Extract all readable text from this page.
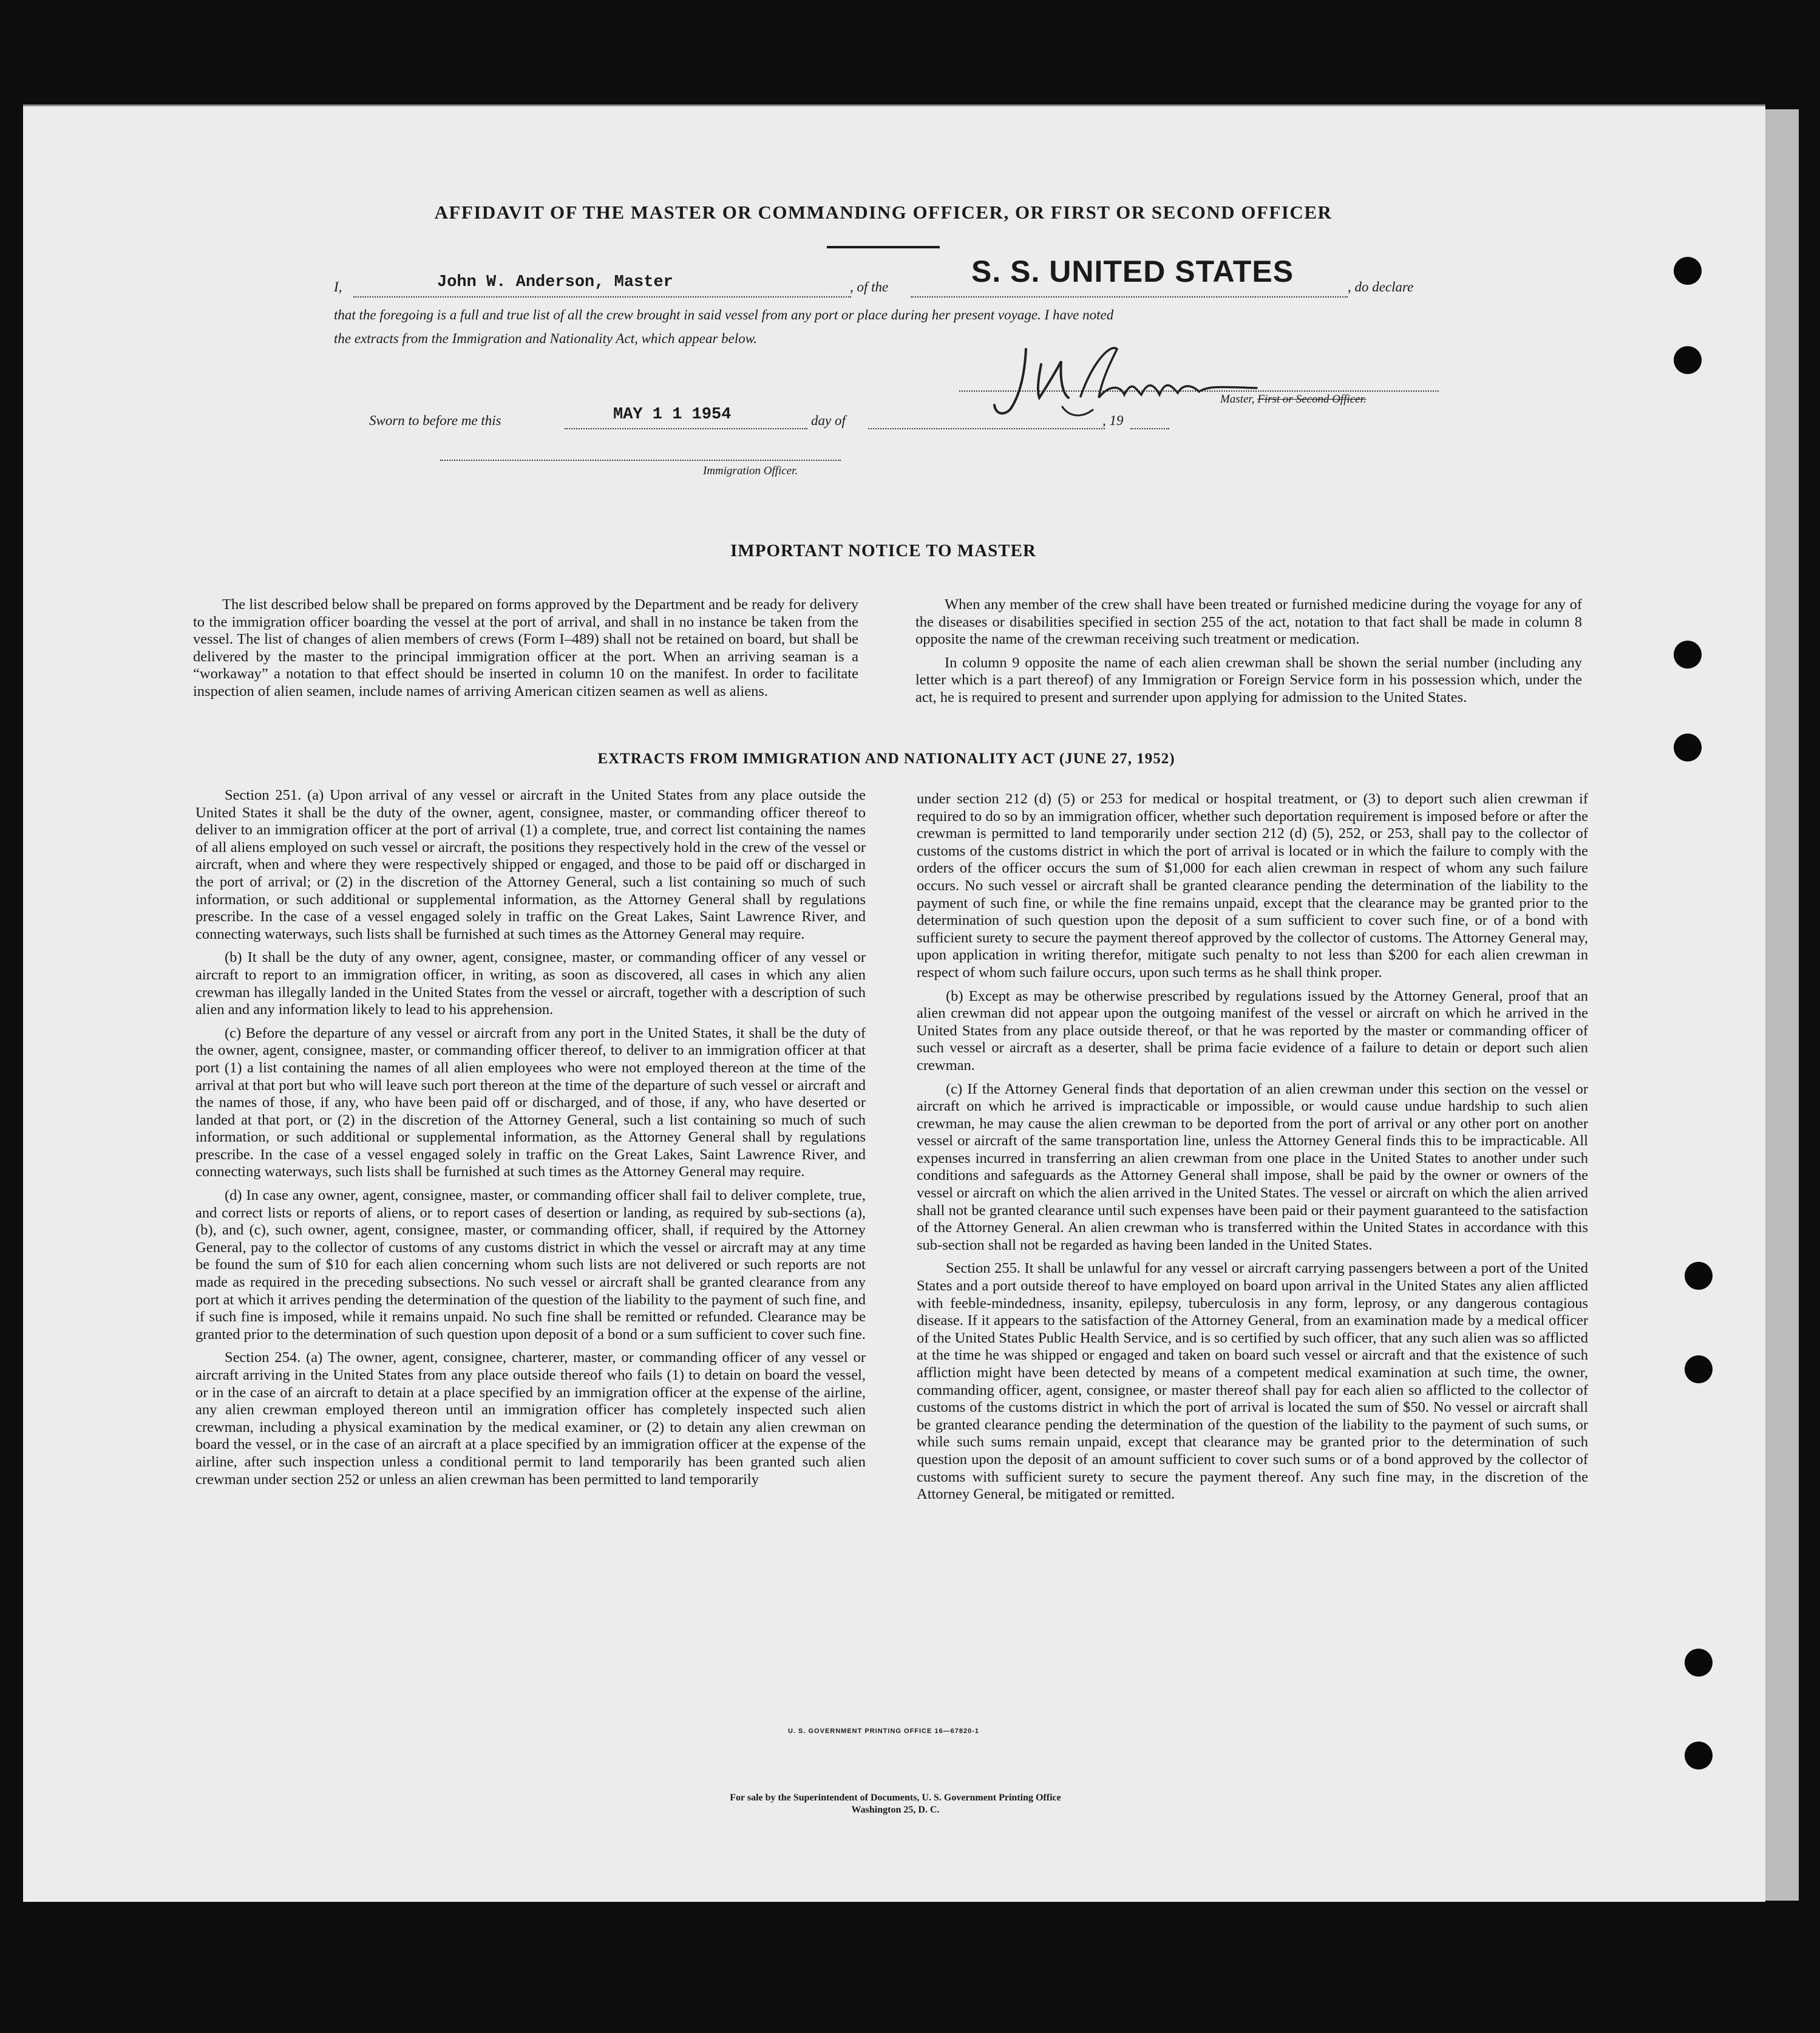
AFFIDAVIT OF THE MASTER OR COMMANDING OFFICER, OR FIRST OR SECOND OFFICER
I,	John W. Anderson, Master	, of the	S. S. UNITED STATES	, do declare
that the foregoing is a full and true list of all the crew brought in said vessel from any port or place during her present voyage. I have noted
the extracts from the Immigration and Nationality Act, which appear below.
Master, First or Second Officer.
Sworn to before me this	MAY 1 1 1954	day of	, 19
Immigration Officer.
IMPORTANT NOTICE TO MASTER

The list described below shall be prepared on forms approved by the Department and be ready for delivery to the immigration officer boarding the vessel at the port of arrival, and shall in no instance be taken from the vessel. The list of changes of alien members of crews (Form I–489) shall not be retained on board, but shall be delivered by the master to the principal immigration officer at the port. When an arriving seaman is a “workaway” a notation to that effect should be inserted in column 10 on the manifest. In order to facilitate inspection of alien seamen, include names of arriving American citizen seamen as well as aliens.

When any member of the crew shall have been treated or furnished medicine during the voyage for any of the diseases or disabilities specified in section 255 of the act, notation to that fact shall be made in column 8 opposite the name of the crewman receiving such treatment or medication.

In column 9 opposite the name of each alien crewman shall be shown the serial number (including any letter which is a part thereof) of any Immigration or Foreign Service form in his possession which, under the act, he is required to present and surrender upon applying for admission to the United States.

EXTRACTS FROM IMMIGRATION AND NATIONALITY ACT (JUNE 27, 1952)

Section 251. (a) Upon arrival of any vessel or aircraft in the United States from any place outside the United States it shall be the duty of the owner, agent, consignee, master, or commanding officer thereof to deliver to an immigration officer at the port of arrival (1) a complete, true, and correct list containing the names of all aliens employed on such vessel or aircraft, the positions they respectively hold in the crew of the vessel or aircraft, when and where they were respectively shipped or engaged, and those to be paid off or discharged in the port of arrival; or (2) in the discretion of the Attorney General, such a list containing so much of such information, or such additional or supplemental information, as the Attorney General shall by regulations prescribe. In the case of a vessel engaged solely in traffic on the Great Lakes, Saint Lawrence River, and connecting waterways, such lists shall be furnished at such times as the Attorney General may require.

(b) It shall be the duty of any owner, agent, consignee, master, or commanding officer of any vessel or aircraft to report to an immigration officer, in writing, as soon as discovered, all cases in which any alien crewman has illegally landed in the United States from the vessel or aircraft, together with a description of such alien and any information likely to lead to his apprehension.

(c) Before the departure of any vessel or aircraft from any port in the United States, it shall be the duty of the owner, agent, consignee, master, or commanding officer thereof, to deliver to an immigration officer at that port (1) a list containing the names of all alien employees who were not employed thereon at the time of the arrival at that port but who will leave such port thereon at the time of the departure of such vessel or aircraft and the names of those, if any, who have been paid off or discharged, and of those, if any, who have deserted or landed at that port, or (2) in the discretion of the Attorney General, such a list containing so much of such information, or such additional or supplemental information, as the Attorney General shall by regulations prescribe. In the case of a vessel engaged solely in traffic on the Great Lakes, Saint Lawrence River, and connecting waterways, such lists shall be furnished at such times as the Attorney General may require.

(d) In case any owner, agent, consignee, master, or commanding officer shall fail to deliver complete, true, and correct lists or reports of aliens, or to report cases of desertion or landing, as required by sub-sections (a), (b), and (c), such owner, agent, consignee, master, or commanding officer, shall, if required by the Attorney General, pay to the collector of customs of any customs district in which the vessel or aircraft may at any time be found the sum of $10 for each alien concerning whom such lists are not delivered or such reports are not made as required in the preceding subsections. No such vessel or aircraft shall be granted clearance from any port at which it arrives pending the determination of the question of the liability to the payment of such fine, and if such fine is imposed, while it remains unpaid. No such fine shall be remitted or refunded. Clearance may be granted prior to the determination of such question upon deposit of a bond or a sum sufficient to cover such fine.

Section 254. (a) The owner, agent, consignee, charterer, master, or commanding officer of any vessel or aircraft arriving in the United States from any place outside thereof who fails (1) to detain on board the vessel, or in the case of an aircraft to detain at a place specified by an immigration officer at the expense of the airline, any alien crewman employed thereon until an immigration officer has completely inspected such alien crewman, including a physical examination by the medical examiner, or (2) to detain any alien crewman on board the vessel, or in the case of an aircraft at a place specified by an immigration officer at the expense of the airline, after such inspection unless a conditional permit to land temporarily has been granted such alien crewman under section 252 or unless an alien crewman has been permitted to land temporarily

under section 212 (d) (5) or 253 for medical or hospital treatment, or (3) to deport such alien crewman if required to do so by an immigration officer, whether such deportation requirement is imposed before or after the crewman is permitted to land temporarily under section 212 (d) (5), 252, or 253, shall pay to the collector of customs of the customs district in which the port of arrival is located or in which the failure to comply with the orders of the officer occurs the sum of $1,000 for each alien crewman in respect of whom any such failure occurs. No such vessel or aircraft shall be granted clearance pending the determination of the liability to the payment of such fine, or while the fine remains unpaid, except that the clearance may be granted prior to the determination of such question upon the deposit of a sum sufficient to cover such fine, or of a bond with sufficient surety to secure the payment thereof approved by the collector of customs. The Attorney General may, upon application in writing therefor, mitigate such penalty to not less than $200 for each alien crewman in respect of whom such failure occurs, upon such terms as he shall think proper.

(b) Except as may be otherwise prescribed by regulations issued by the Attorney General, proof that an alien crewman did not appear upon the outgoing manifest of the vessel or aircraft on which he arrived in the United States from any place outside thereof, or that he was reported by the master or commanding officer of such vessel or aircraft as a deserter, shall be prima facie evidence of a failure to detain or deport such alien crewman.

(c) If the Attorney General finds that deportation of an alien crewman under this section on the vessel or aircraft on which he arrived is impracticable or impossible, or would cause undue hardship to such alien crewman, he may cause the alien crewman to be deported from the port of arrival or any other port on another vessel or aircraft of the same transportation line, unless the Attorney General finds this to be impracticable. All expenses incurred in transferring an alien crewman from one place in the United States to another under such conditions and safeguards as the Attorney General shall impose, shall be paid by the owner or owners of the vessel or aircraft on which the alien arrived in the United States. The vessel or aircraft on which the alien arrived shall not be granted clearance until such expenses have been paid or their payment guaranteed to the satisfaction of the Attorney General. An alien crewman who is transferred within the United States in accordance with this sub-section shall not be regarded as having been landed in the United States.

Section 255. It shall be unlawful for any vessel or aircraft carrying passengers between a port of the United States and a port outside thereof to have employed on board upon arrival in the United States any alien afflicted with feeble-mindedness, insanity, epilepsy, tuberculosis in any form, leprosy, or any dangerous contagious disease. If it appears to the satisfaction of the Attorney General, from an examination made by a medical officer of the United States Public Health Service, and is so certified by such officer, that any such alien was so afflicted at the time he was shipped or engaged and taken on board such vessel or aircraft and that the existence of such affliction might have been detected by means of a competent medical examination at such time, the owner, commanding officer, agent, consignee, or master thereof shall pay for each alien so afflicted to the collector of customs of the customs district in which the port of arrival is located the sum of $50. No vessel or aircraft shall be granted clearance pending the determination of the question of the liability to the payment of such sums, or while such sums remain unpaid, except that clearance may be granted prior to the determination of such question upon the deposit of an amount sufficient to cover such sums or of a bond approved by the collector of customs with sufficient surety to secure the payment thereof. Any such fine may, in the discretion of the Attorney General, be mitigated or remitted.

U. S. GOVERNMENT PRINTING OFFICE 16—67820-1
For sale by the Superintendent of Documents, U. S. Government Printing Office
Washington 25, D. C.
